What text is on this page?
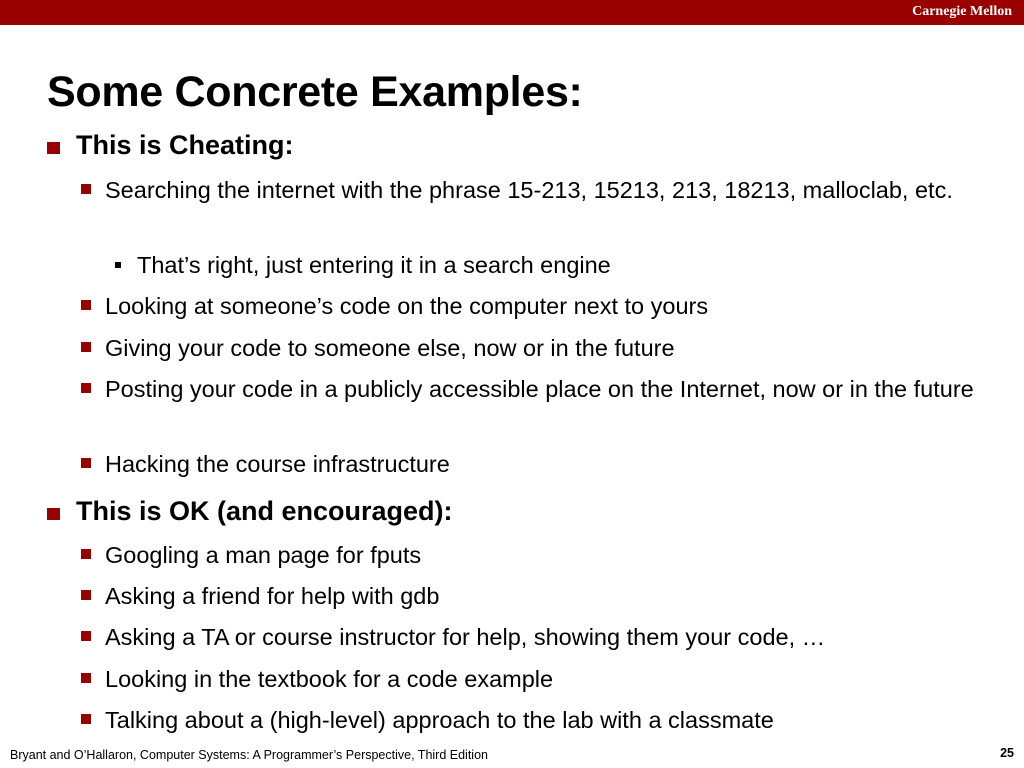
Carnegie Mellon
Some Concrete Examples:
This is Cheating:
Searching the internet with the phrase 15-213, 15213, 213, 18213, malloclab, etc.
That’s right, just entering it in a search engine
Looking at someone’s code on the computer next to yours
Giving your code to someone else, now or in the future
Posting your code in a publicly accessible place on the Internet, now or in the future
Hacking the course infrastructure
This is OK (and encouraged):
Googling a man page for fputs
Asking a friend for help with gdb
Asking a TA or course instructor for help, showing them your code, …
Looking in the textbook for a code example
Talking about a (high-level) approach to the lab with a classmate
Bryant and O’Hallaron, Computer Systems: A Programmer’s Perspective, Third Edition	25
